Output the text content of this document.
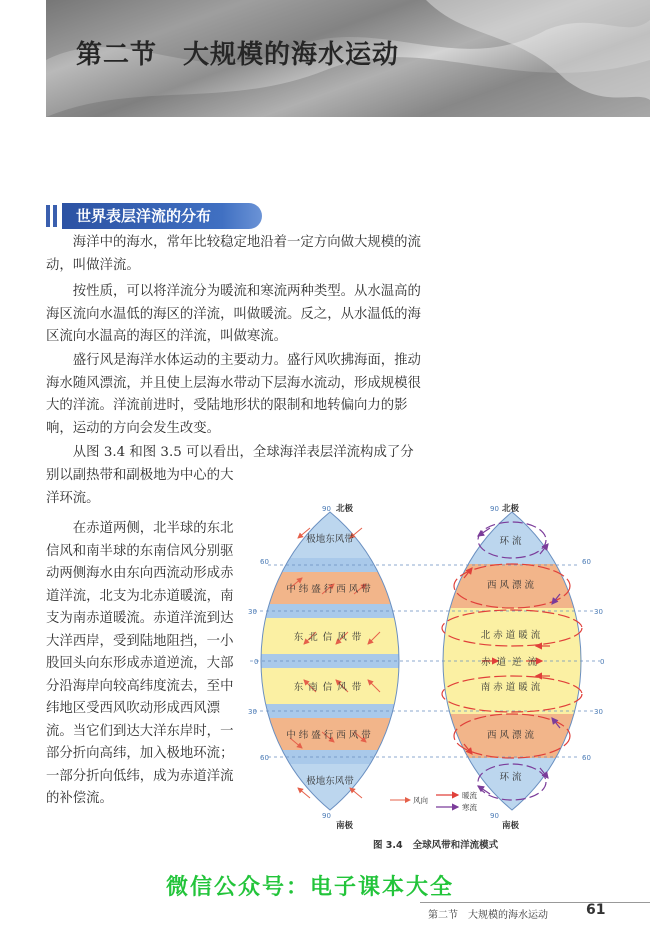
第二节 大规模的海水运动
世界表层洋流的分布

海洋中的海水，常年比较稳定地沿着一定方向做大规模的流动，叫做洋流。

按性质，可以将洋流分为暖流和寒流两种类型。从水温高的海区流向水温低的海区的洋流，叫做暖流。反之，从水温低的海区流向水温高的海区的洋流，叫做寒流。

盛行风是海洋水体运动的主要动力。盛行风吹拂海面，推动海水随风漂流，并且使上层海水带动下层海水流动，形成规模很大的洋流。洋流前进时，受陆地形状的限制和地转偏向力的影响，运动的方向会发生改变。

从图 3.4 和图 3.5 可以看出，全球海洋表层洋流构成了分

别以副热带和副极地为中心的大洋环流。

在赤道两侧，北半球的东北信风和南半球的东南信风分别驱动两侧海水由东向西流动形成赤道洋流，北支为北赤道暖流，南支为南赤道暖流。赤道洋流到达大洋西岸，受到陆地阻挡，一小股回头向东形成赤道逆流，大部分沿海岸向较高纬度流去，至中纬地区受西风吹动形成西风漂流。当它们到达大洋东岸时，一部分折向高纬，加入极地环流；一部分折向低纬，成为赤道洋流的补偿流。

90
60
30
0
30
60
90
90
60
30
0
30
60
90
北极	北极
南极	南极
极地东风带
中纬盛行西风带
东北信风带
东南信风带
中纬盛行西风带
极地东风带
环流
西风漂流
北赤道暖流
赤道逆流
南赤道暖流
西风漂流
环流
风向
暖流
寒流
图 3.4 全球风带和洋流模式
微信公众号：电子课本大全
第二节　大规模的海水运动	61
